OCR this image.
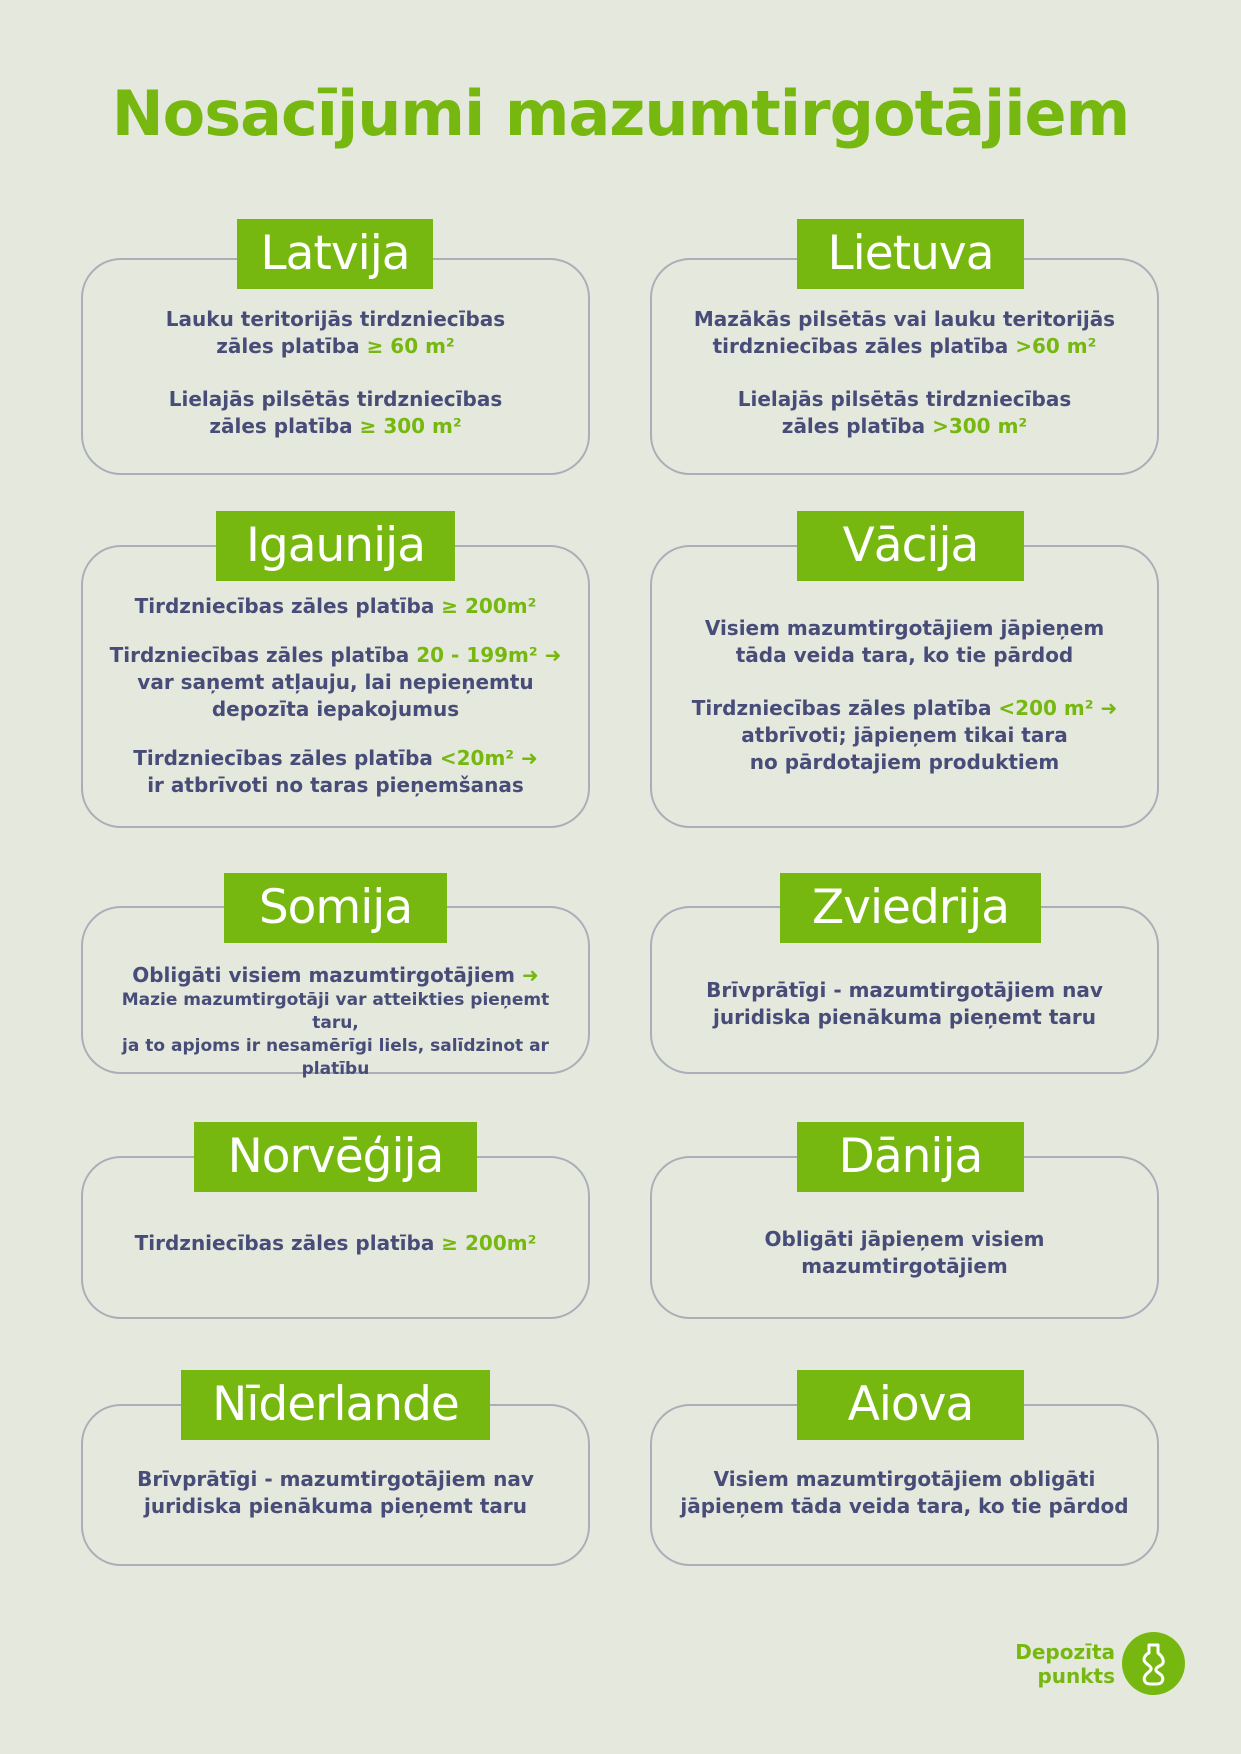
Nosacījumi mazumtirgotājiem
Lauku teritorijās tirdzniecības
zāles platība ≥ 60 m²
Lielajās pilsētās tirdzniecības
zāles platība ≥ 300 m²
Latvija
Mazākās pilsētās vai lauku teritorijās
tirdzniecības zāles platība >60 m²
Lielajās pilsētās tirdzniecības
zāles platība >300 m²
Lietuva
Tirdzniecības zāles platība ≥ 200m²
Tirdzniecības zāles platība 20 - 199m² ➜
var saņemt atļauju, lai nepieņemtu
depozīta iepakojumus
Tirdzniecības zāles platība <20m² ➜
ir atbrīvoti no taras pieņemšanas
Igaunija
Visiem mazumtirgotājiem jāpieņem
tāda veida tara, ko tie pārdod
Tirdzniecības zāles platība <200 m² ➜
atbrīvoti; jāpieņem tikai tara
no pārdotajiem produktiem
Vācija
Obligāti visiem mazumtirgotājiem ➜
Mazie mazumtirgotāji var atteikties pieņemt taru,
ja to apjoms ir nesamērīgi liels, salīdzinot ar platību
Somija
Brīvprātīgi - mazumtirgotājiem nav
juridiska pienākuma pieņemt taru
Zviedrija
Tirdzniecības zāles platība ≥ 200m²
Norvēģija
Obligāti jāpieņem visiem
mazumtirgotājiem
Dānija
Brīvprātīgi - mazumtirgotājiem nav
juridiska pienākuma pieņemt taru
Nīderlande
Visiem mazumtirgotājiem obligāti
jāpieņem tāda veida tara, ko tie pārdod
Aiova
Depozīta
punkts
